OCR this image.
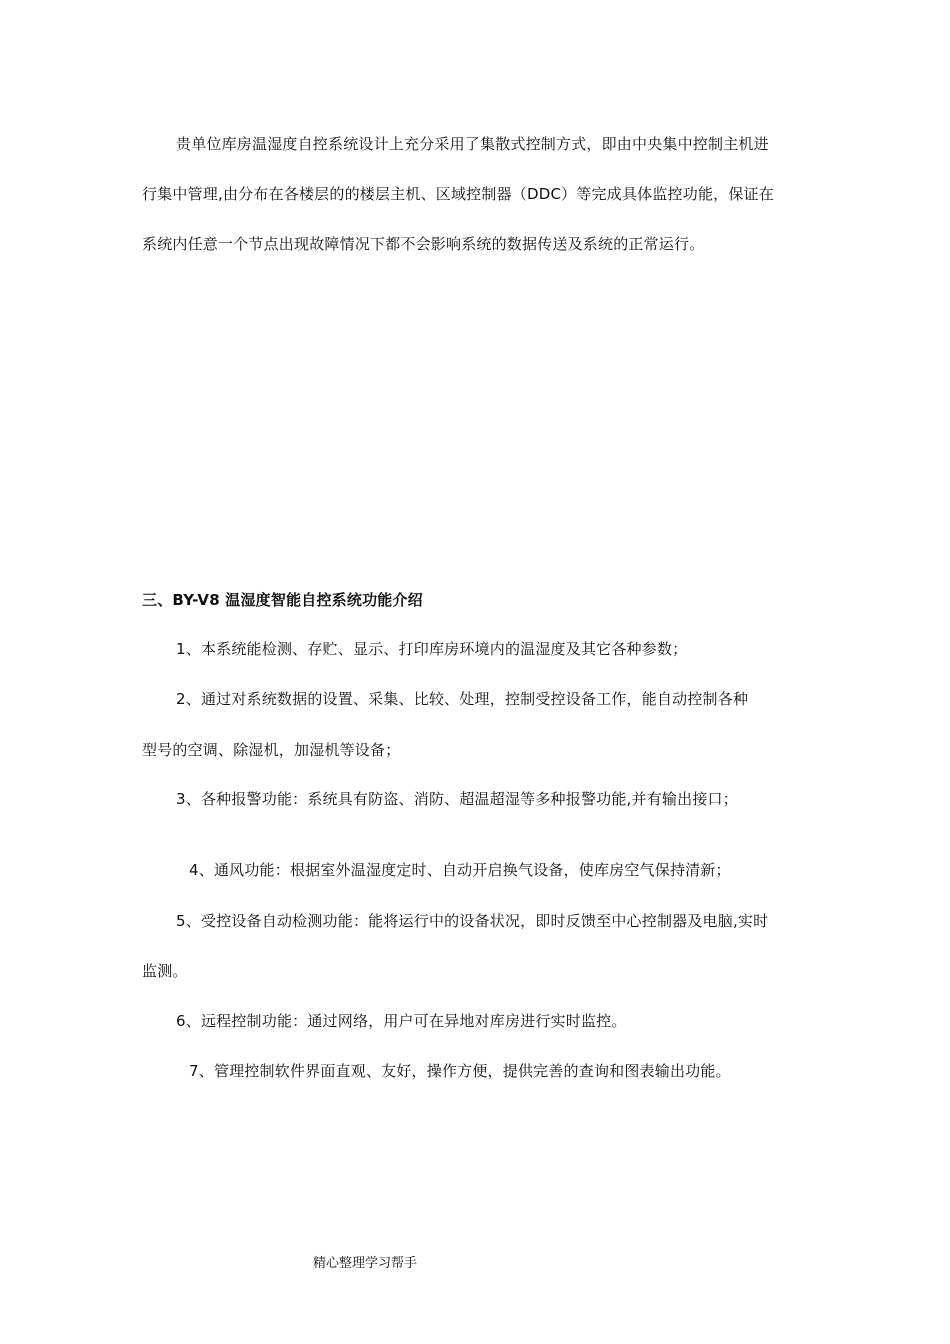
贵单位库房温湿度自控系统设计上充分采用了集散式控制方式，即由中央集中控制主机进
行集中管理,由分布在各楼层的的楼层主机、区域控制器（DDC）等完成具体监控功能，保证在
系统内任意一个节点出现故障情况下都不会影响系统的数据传送及系统的正常运行。
三、BY-V8 温湿度智能自控系统功能介绍
1、本系统能检测、存贮、显示、打印库房环境内的温湿度及其它各种参数；
2、通过对系统数据的设置、采集、比较、处理，控制受控设备工作，能自动控制各种
型号的空调、除湿机，加湿机等设备；
3、各种报警功能：系统具有防盗、消防、超温超湿等多种报警功能,并有输出接口；
4、通风功能：根据室外温湿度定时、自动开启换气设备，使库房空气保持清新；
5、受控设备自动检测功能：能将运行中的设备状况，即时反馈至中心控制器及电脑,实时
监测。
6、远程控制功能：通过网络，用户可在异地对库房进行实时监控。
7、管理控制软件界面直观、友好，操作方便，提供完善的查询和图表输出功能。
精心整理学习帮手
